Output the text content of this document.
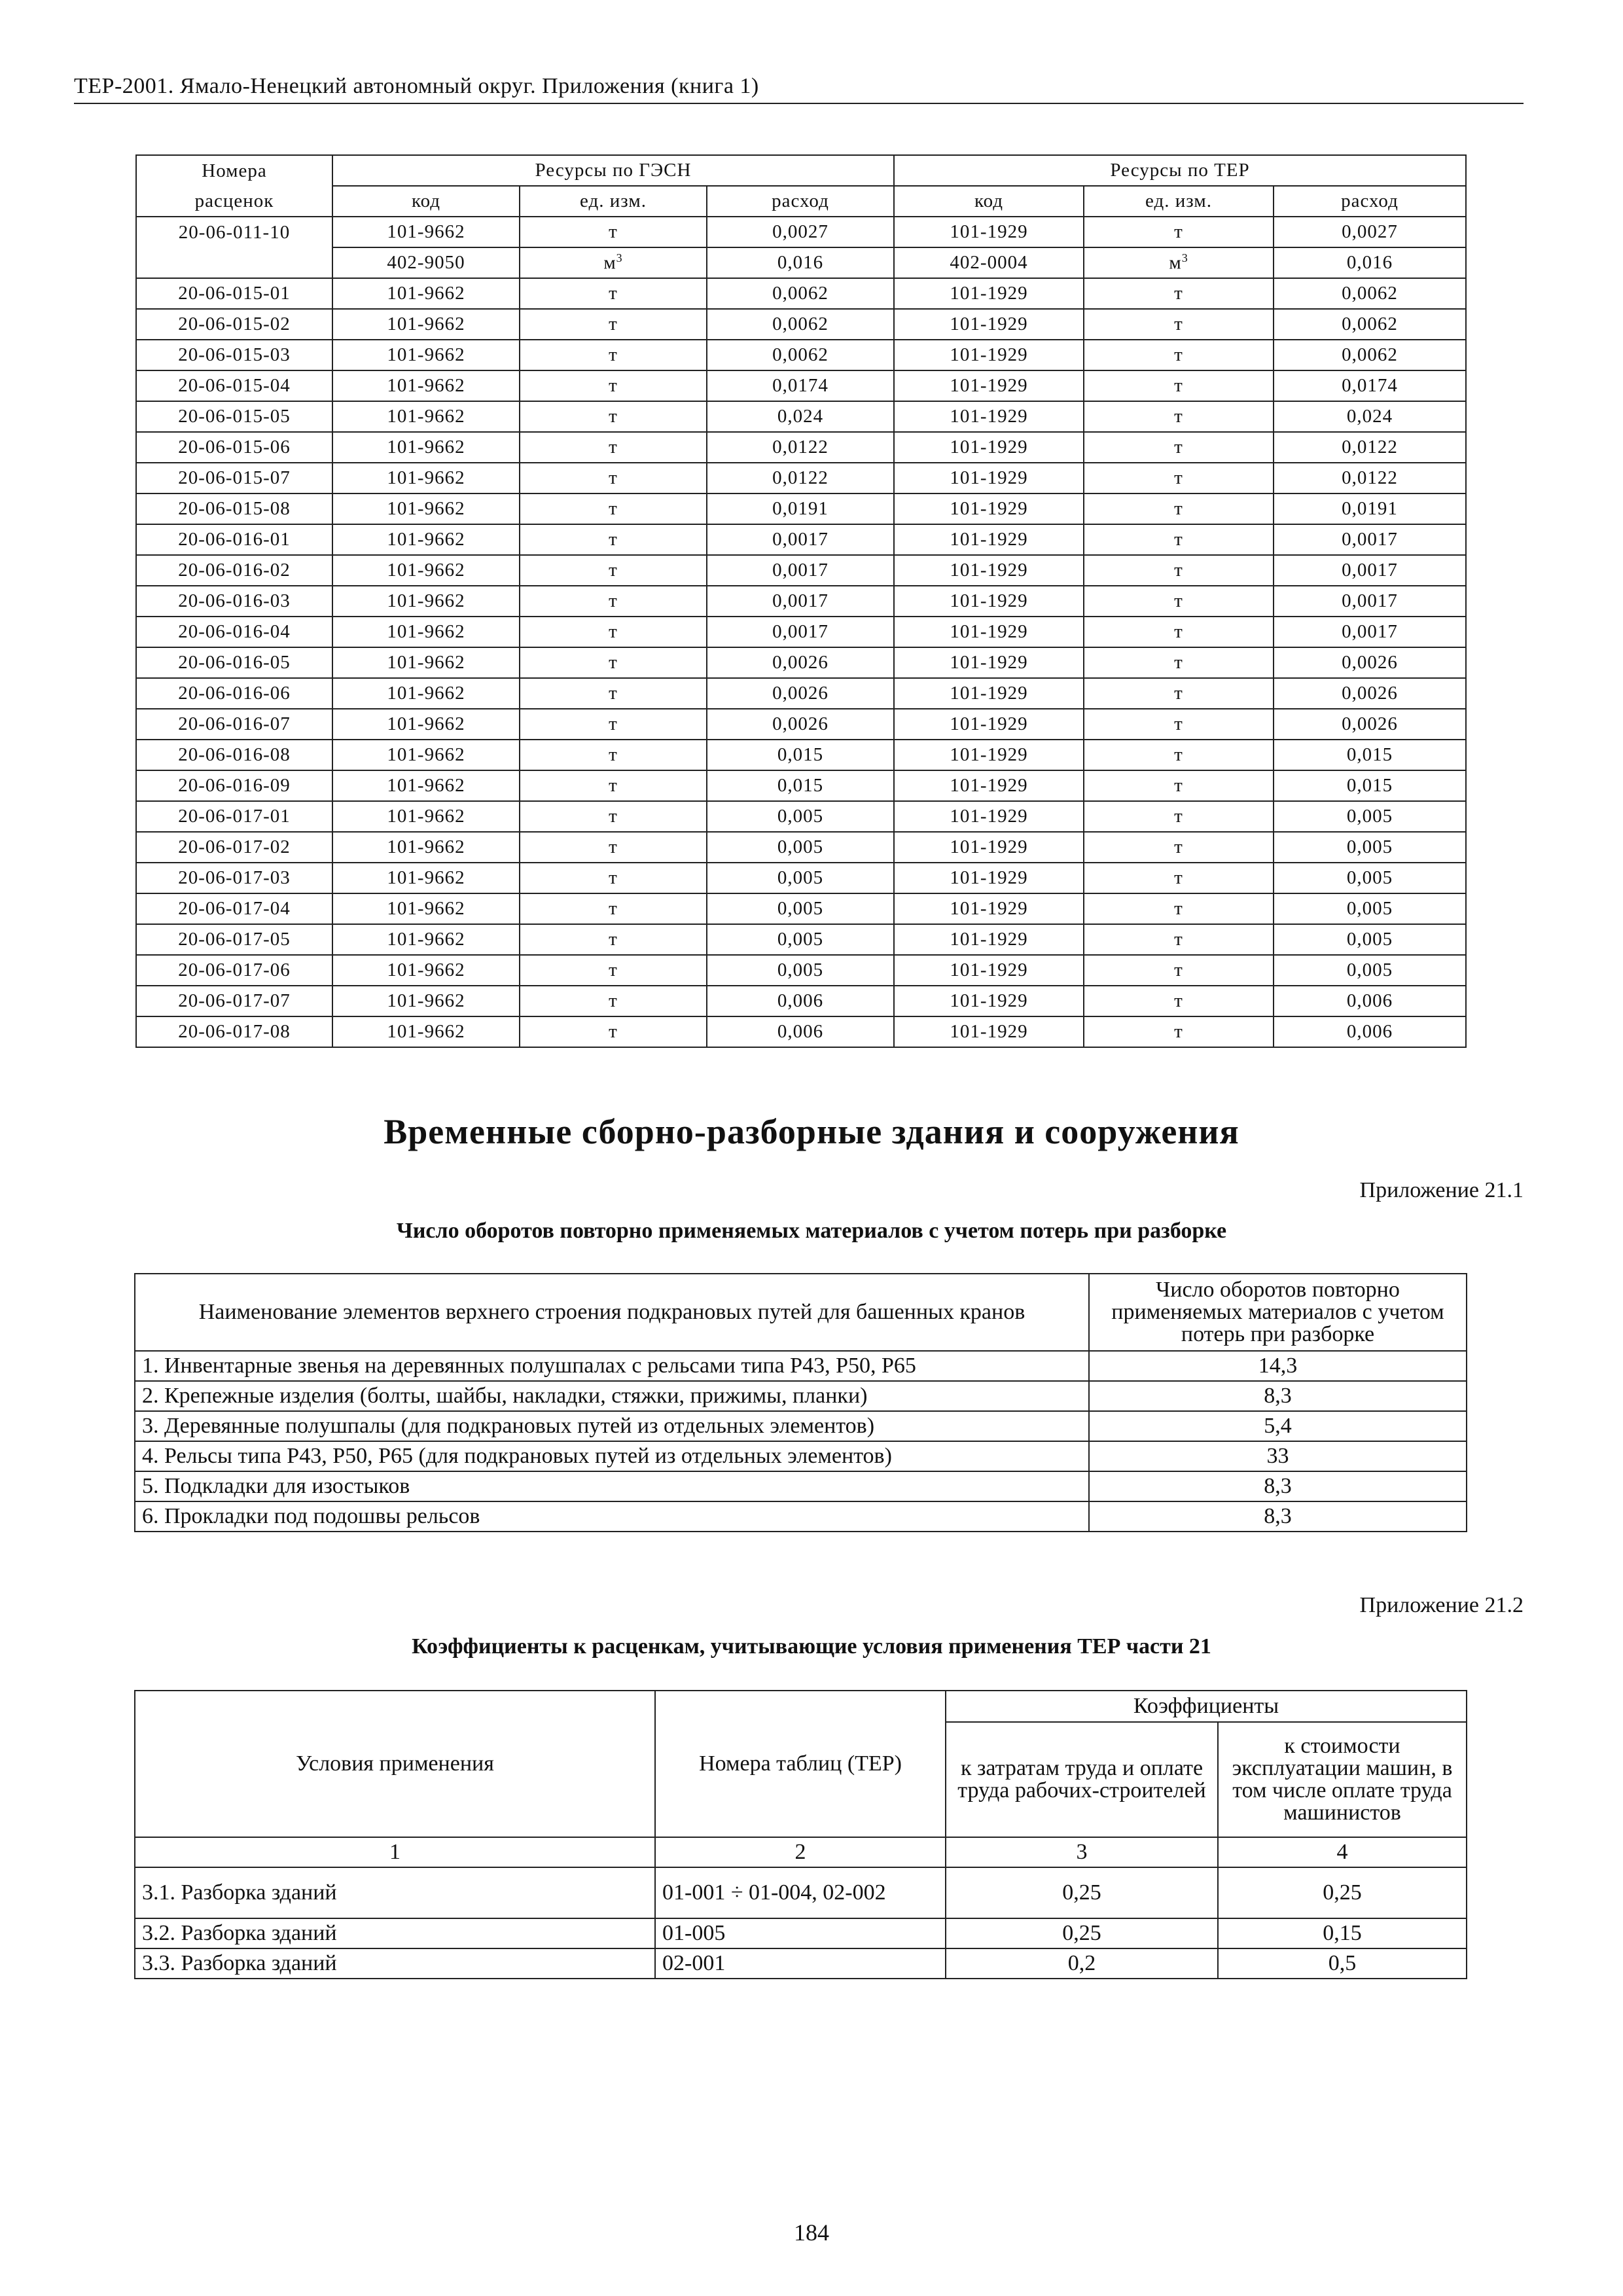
ТЕР-2001. Ямало-Ненецкий автономный округ. Приложения (книга 1)
Номера	Ресурсы по ГЭСН			Ресурсы по ТЕР		
расценок	код	ед. изм.	расход	код	ед. изм.	расход
20-06-011-10	101-9662	т	0,0027	101-1929	т	0,0027
	402-9050	$м^3$	0,016	402-0004	$м^3$	0,016
20-06-015-01	101-9662	т	0,0062	101-1929	т	0,0062
20-06-015-02	101-9662	т	0,0062	101-1929	т	0,0062
20-06-015-03	101-9662	т	0,0062	101-1929	т	0,0062
20-06-015-04	101-9662	т	0,0174	101-1929	т	0,0174
20-06-015-05	101-9662	т	0,024	101-1929	т	0,024
20-06-015-06	101-9662	т	0,0122	101-1929	т	0,0122
20-06-015-07	101-9662	т	0,0122	101-1929	т	0,0122
20-06-015-08	101-9662	т	0,0191	101-1929	т	0,0191
20-06-016-01	101-9662	т	0,0017	101-1929	т	0,0017
20-06-016-02	101-9662	т	0,0017	101-1929	т	0,0017
20-06-016-03	101-9662	т	0,0017	101-1929	т	0,0017
20-06-016-04	101-9662	т	0,0017	101-1929	т	0,0017
20-06-016-05	101-9662	т	0,0026	101-1929	т	0,0026
20-06-016-06	101-9662	т	0,0026	101-1929	т	0,0026
20-06-016-07	101-9662	т	0,0026	101-1929	т	0,0026
20-06-016-08	101-9662	т	0,015	101-1929	т	0,015
20-06-016-09	101-9662	т	0,015	101-1929	т	0,015
20-06-017-01	101-9662	т	0,005	101-1929	т	0,005
20-06-017-02	101-9662	т	0,005	101-1929	т	0,005
20-06-017-03	101-9662	т	0,005	101-1929	т	0,005
20-06-017-04	101-9662	т	0,005	101-1929	т	0,005
20-06-017-05	101-9662	т	0,005	101-1929	т	0,005
20-06-017-06	101-9662	т	0,005	101-1929	т	0,005
20-06-017-07	101-9662	т	0,006	101-1929	т	0,006
20-06-017-08	101-9662	т	0,006	101-1929	т	0,006
Временные сборно-разборные здания и сооружения
Приложение 21.1
Число оборотов повторно применяемых материалов с учетом потерь при разборке
Наименование элементов верхнего строения подкрановых путей для башенных кранов	Число оборотов повторно применяемых материалов с учетом потерь при разборке
1. Инвентарные звенья на деревянных полушпалах с рельсами типа Р43, Р50, Р65	14,3
2. Крепежные изделия (болты, шайбы, накладки, стяжки, прижимы, планки)	8,3
3. Деревянные полушпалы (для подкрановых путей из отдельных элементов)	5,4
4. Рельсы типа Р43, Р50, Р65 (для подкрановых путей из отдельных элементов)	33
5. Подкладки для изостыков	8,3
6. Прокладки под подошвы рельсов	8,3
Приложение 21.2
Коэффициенты к расценкам, учитывающие условия применения ТЕР части 21
Условия применения	Номера таблиц (ТЕР)	Коэффициенты	
		к затратам труда и оплате труда рабочих-строителей	к стоимости эксплуатации машин, в том числе оплате труда машинистов
1	2	3	4
3.1. Разборка зданий	01-001 ÷ 01-004, 02-002	0,25	0,25
3.2. Разборка зданий	01-005	0,25	0,15
3.3. Разборка зданий	02-001	0,2	0,5
184
